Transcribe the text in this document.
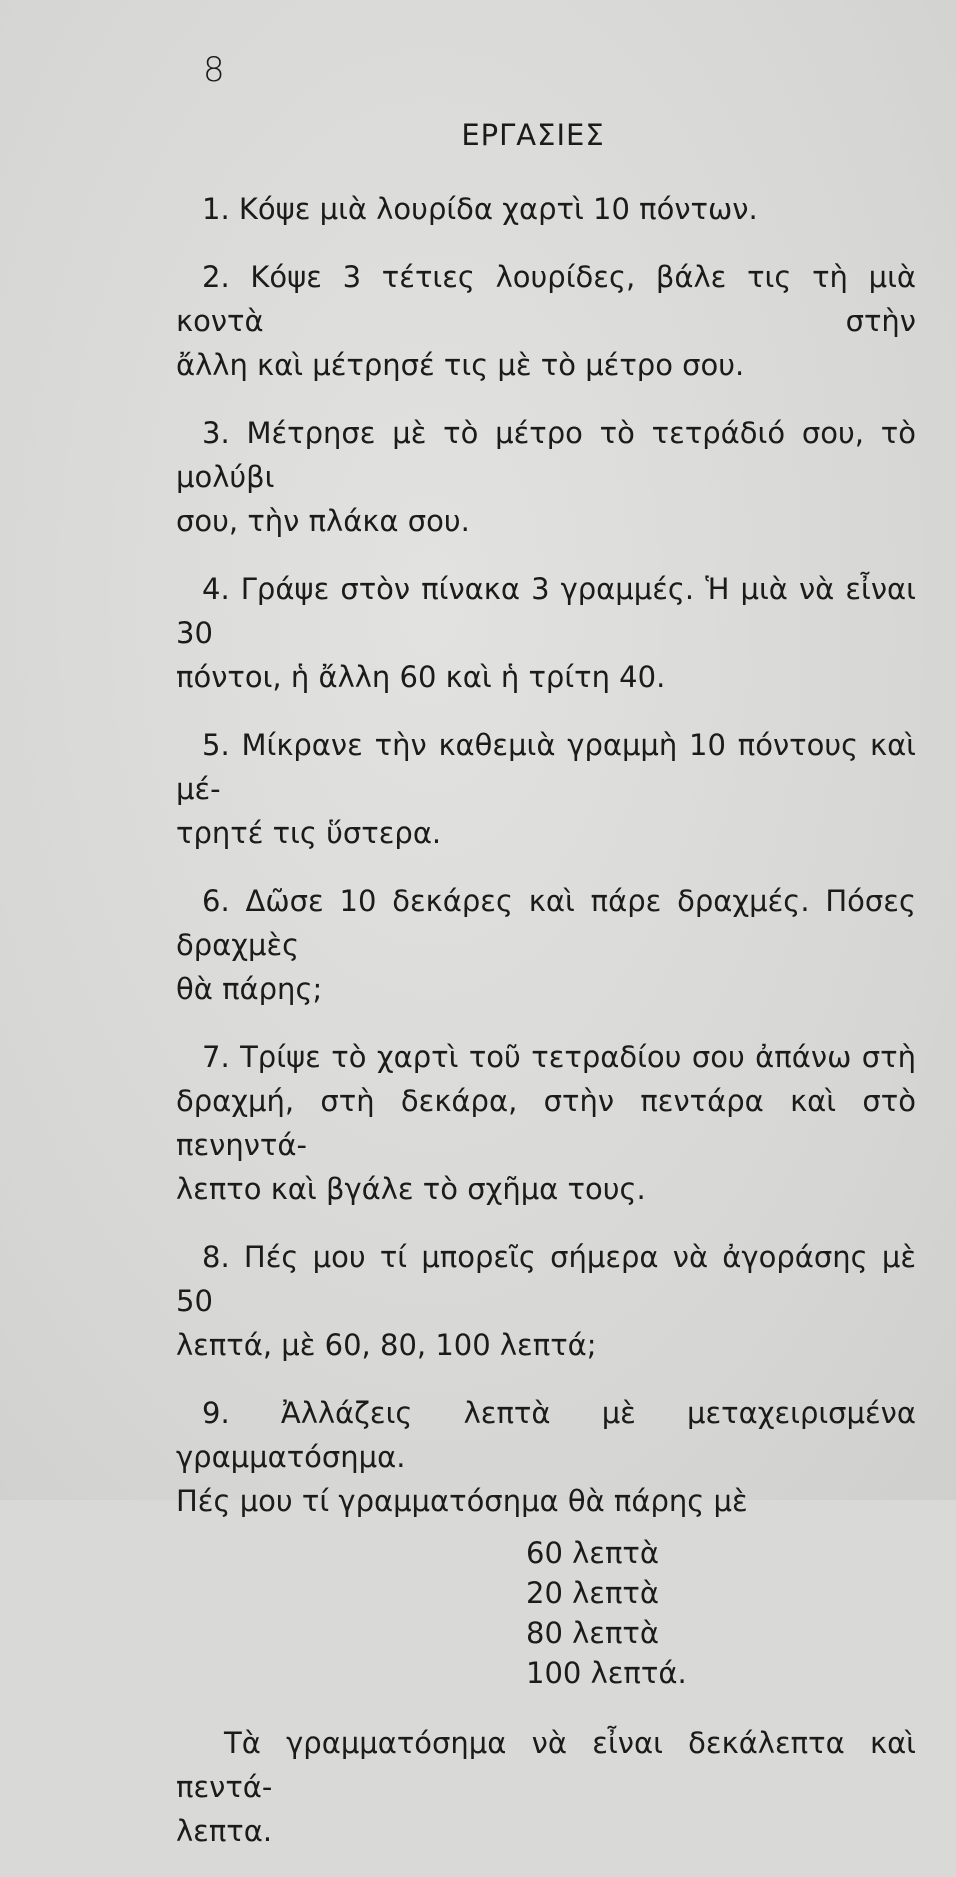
8
ΕΡΓΑΣΙΕΣ
1. Κόψε μιὰ λουρίδα χαρτὶ 10 πόντων.
2. Κόψε 3 τέτιες λουρίδες, βάλε τις τὴ μιὰ κοντὰ στὴν
ἄλλη καὶ μέτρησέ τις μὲ τὸ μέτρο σου.
3. Μέτρησε μὲ τὸ μέτρο τὸ τετράδιό σου, τὸ μολύβι
σου, τὴν πλάκα σου.
4. Γράψε στὸν πίνακα 3 γραμμές. Ἡ μιὰ νὰ εἶναι 30
πόντοι, ἡ ἄλλη 60 καὶ ἡ τρίτη 40.
5. Μίκρανε τὴν καθεμιὰ γραμμὴ 10 πόντους καὶ μέ-
τρητέ τις ὕστερα.
6. Δῶσε 10 δεκάρες καὶ πάρε δραχμές. Πόσες δραχμὲς
θὰ πάρης;
7. Τρίψε τὸ χαρτὶ τοῦ τετραδίου σου ἀπάνω στὴ
δραχμή, στὴ δεκάρα, στὴν πεντάρα καὶ στὸ πενηντά-
λεπτο καὶ βγάλε τὸ σχῆμα τους.
8. Πές μου τί μπορεῖς σήμερα νὰ ἀγοράσης μὲ 50
λεπτά, μὲ 60, 80, 100 λεπτά;
9. Ἀλλάζεις λεπτὰ μὲ μεταχειρισμένα γραμματόσημα.
Πές μου τί γραμματόσημα θὰ πάρης μὲ
60 λεπτὰ
20 λεπτὰ
80 λεπτὰ
100 λεπτά.
Τὰ γραμματόσημα νὰ εἶναι δεκάλεπτα καὶ πεντά-
λεπτα.
